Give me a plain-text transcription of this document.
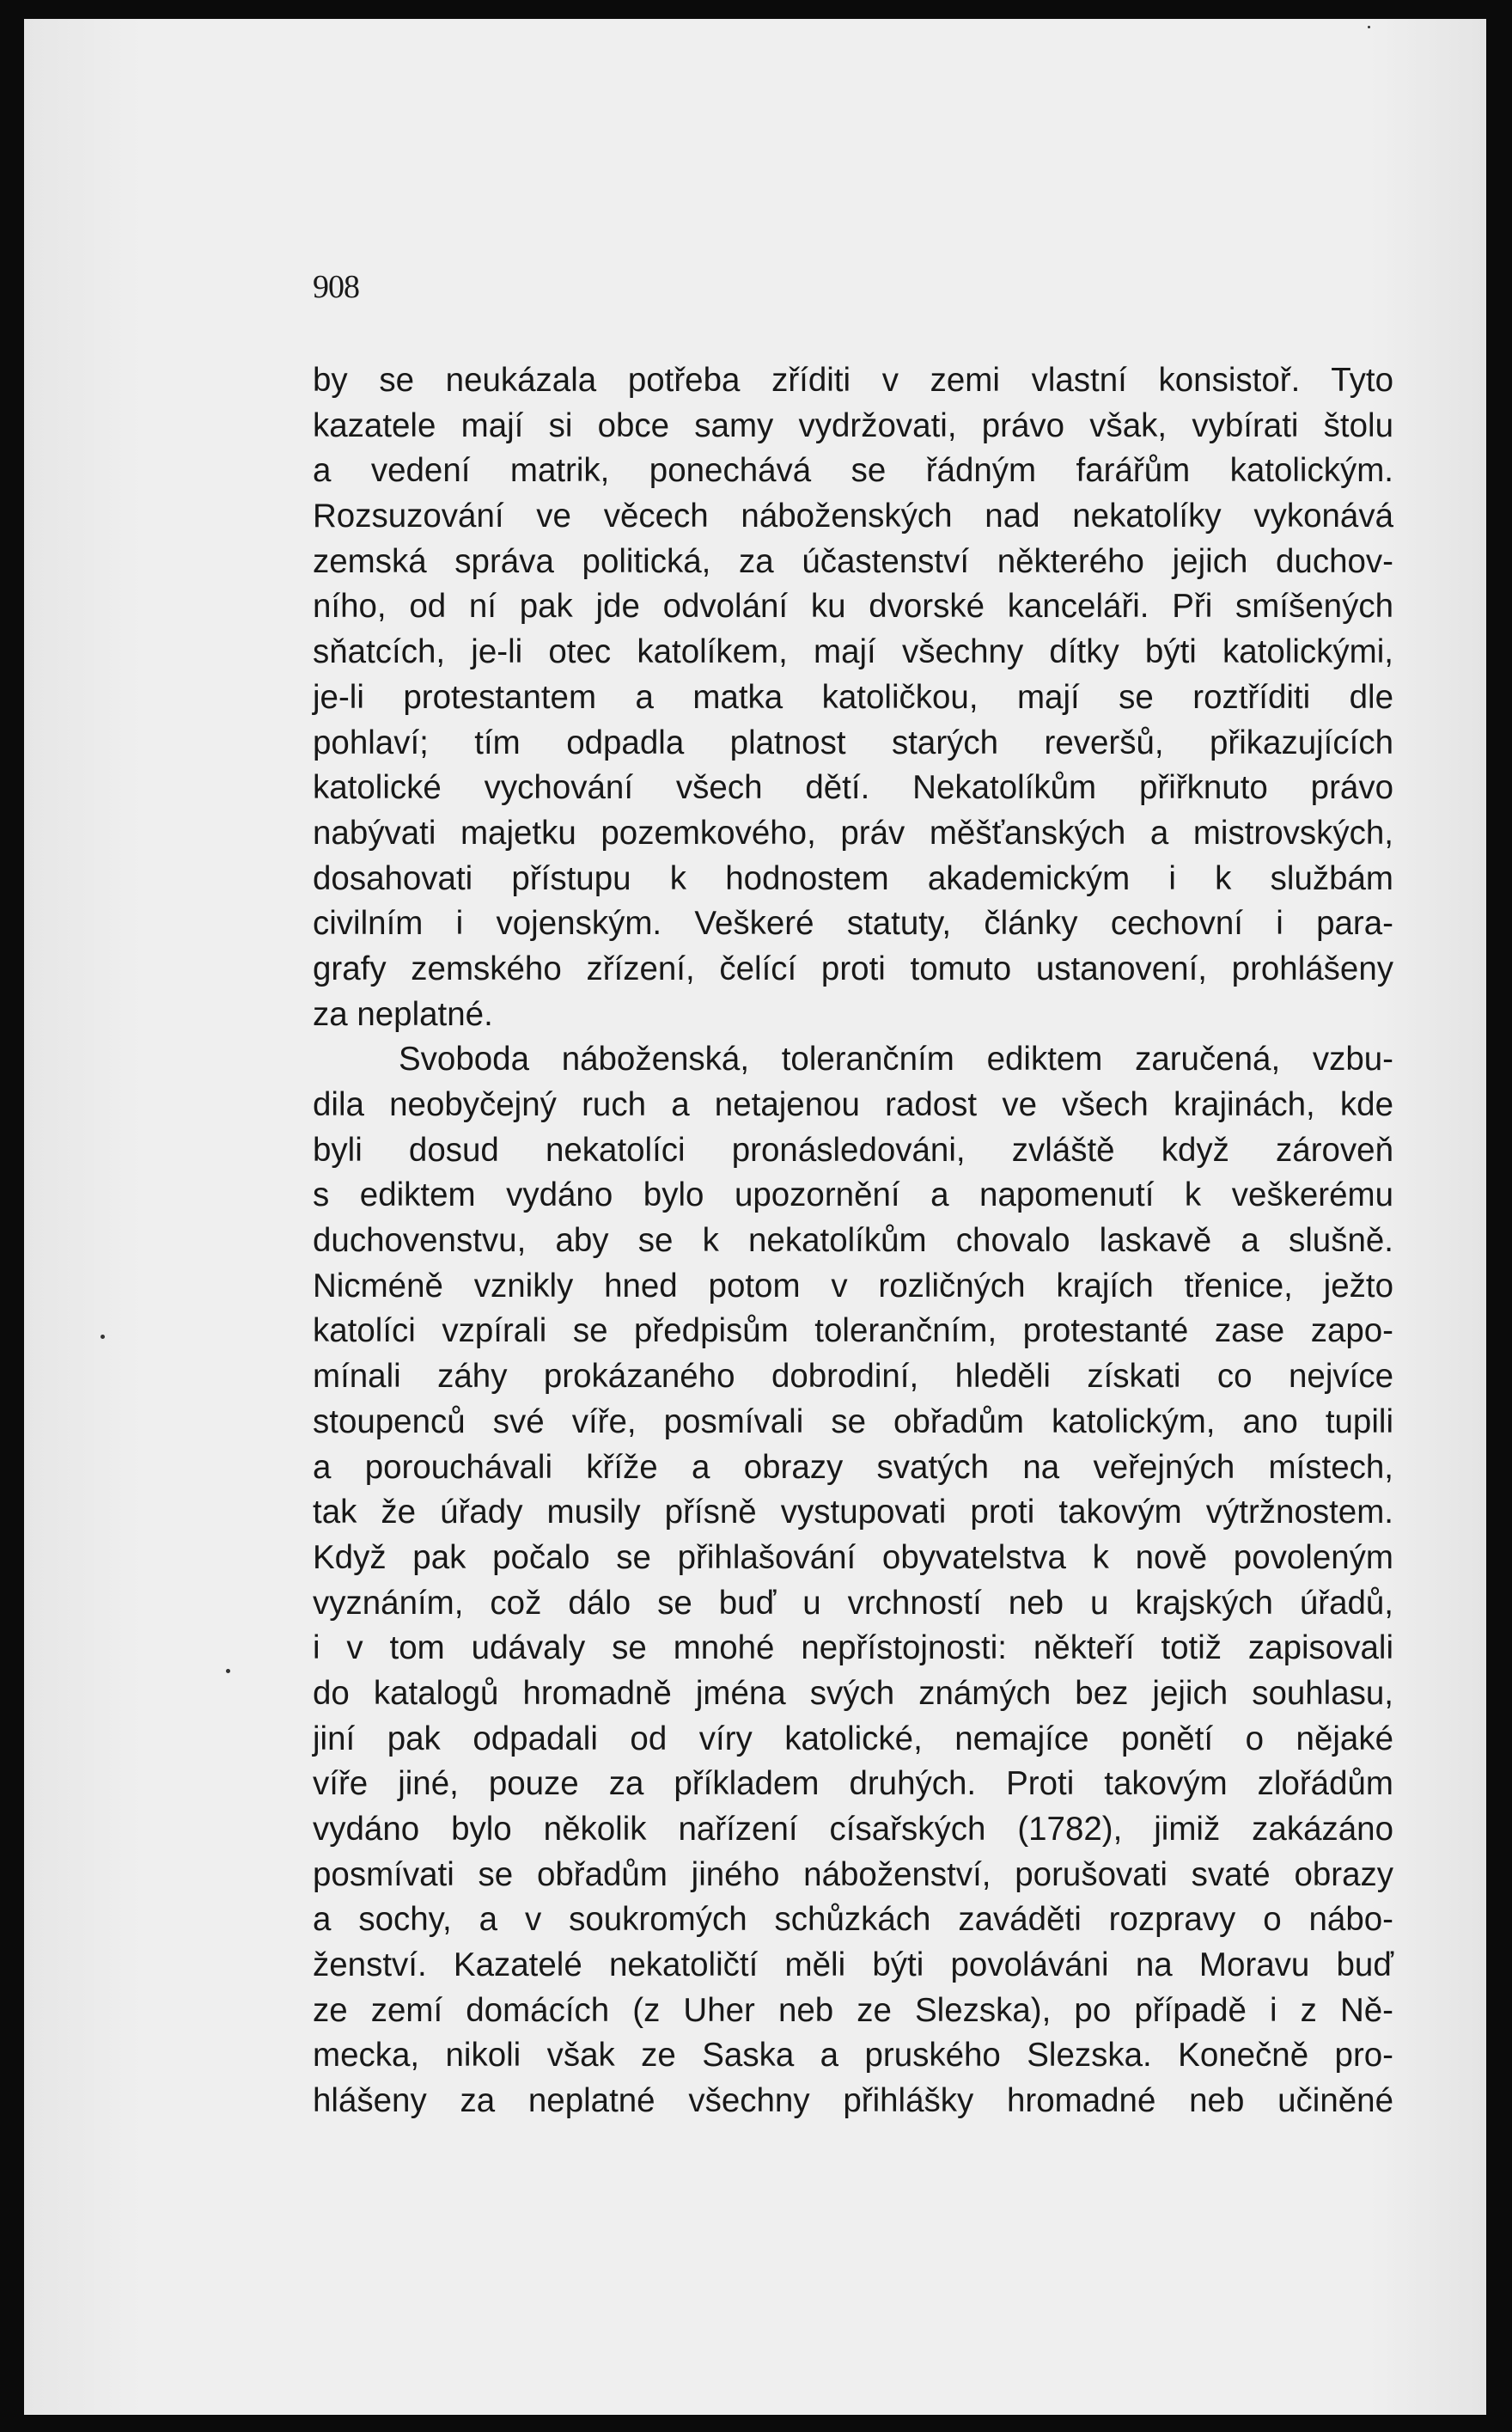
908
by se neukázala potřeba zříditi v zemi vlastní konsistoř. Tyto
kazatele mají si obce samy vydržovati, právo však, vybírati štolu
a vedení matrik, ponechává se řádným farářům katolickým.
Rozsuzování ve věcech náboženských nad nekatolíky vykonává
zemská správa politická, za účastenství některého jejich duchov-
ního, od ní pak jde odvolání ku dvorské kanceláři. Při smíšených
sňatcích, je-li otec katolíkem, mají všechny dítky býti katolickými,
je-li protestantem a matka katoličkou, mají se roztříditi dle
pohlaví; tím odpadla platnost starých reveršů, přikazujících
katolické vychování všech dětí. Nekatolíkům přiřknuto právo
nabývati majetku pozemkového, práv měšťanských a mistrovských,
dosahovati přístupu k hodnostem akademickým i k službám
civilním i vojenským. Veškeré statuty, články cechovní i para-
grafy zemského zřízení, čelící proti tomuto ustanovení, prohlášeny
za neplatné.
Svoboda náboženská, tolerančním ediktem zaručená, vzbu-
dila neobyčejný ruch a netajenou radost ve všech krajinách, kde
byli dosud nekatolíci pronásledováni, zvláště když zároveň
s ediktem vydáno bylo upozornění a napomenutí k veškerému
duchovenstvu, aby se k nekatolíkům chovalo laskavě a slušně.
Nicméně vznikly hned potom v rozličných krajích třenice, ježto
katolíci vzpírali se předpisům tolerančním, protestanté zase zapo-
mínali záhy prokázaného dobrodiní, hleděli získati co nejvíce
stoupenců své víře, posmívali se obřadům katolickým, ano tupili
a porouchávali kříže a obrazy svatých na veřejných místech,
tak že úřady musily přísně vystupovati proti takovým výtržnostem.
Když pak počalo se přihlašování obyvatelstva k nově povoleným
vyznáním, což dálo se buď u vrchností neb u krajských úřadů,
i v tom udávaly se mnohé nepřístojnosti: někteří totiž zapisovali
do katalogů hromadně jména svých známých bez jejich souhlasu,
jiní pak odpadali od víry katolické, nemajíce ponětí o nějaké
víře jiné, pouze za příkladem druhých. Proti takovým zlořádům
vydáno bylo několik nařízení císařských (1782), jimiž zakázáno
posmívati se obřadům jiného náboženství, porušovati svaté obrazy
a sochy, a v soukromých schůzkách zaváděti rozpravy o nábo-
ženství. Kazatelé nekatoličtí měli býti povoláváni na Moravu buď
ze zemí domácích (z Uher neb ze Slezska), po případě i z Ně-
mecka, nikoli však ze Saska a pruského Slezska. Konečně pro-
hlášeny za neplatné všechny přihlášky hromadné neb učiněné
